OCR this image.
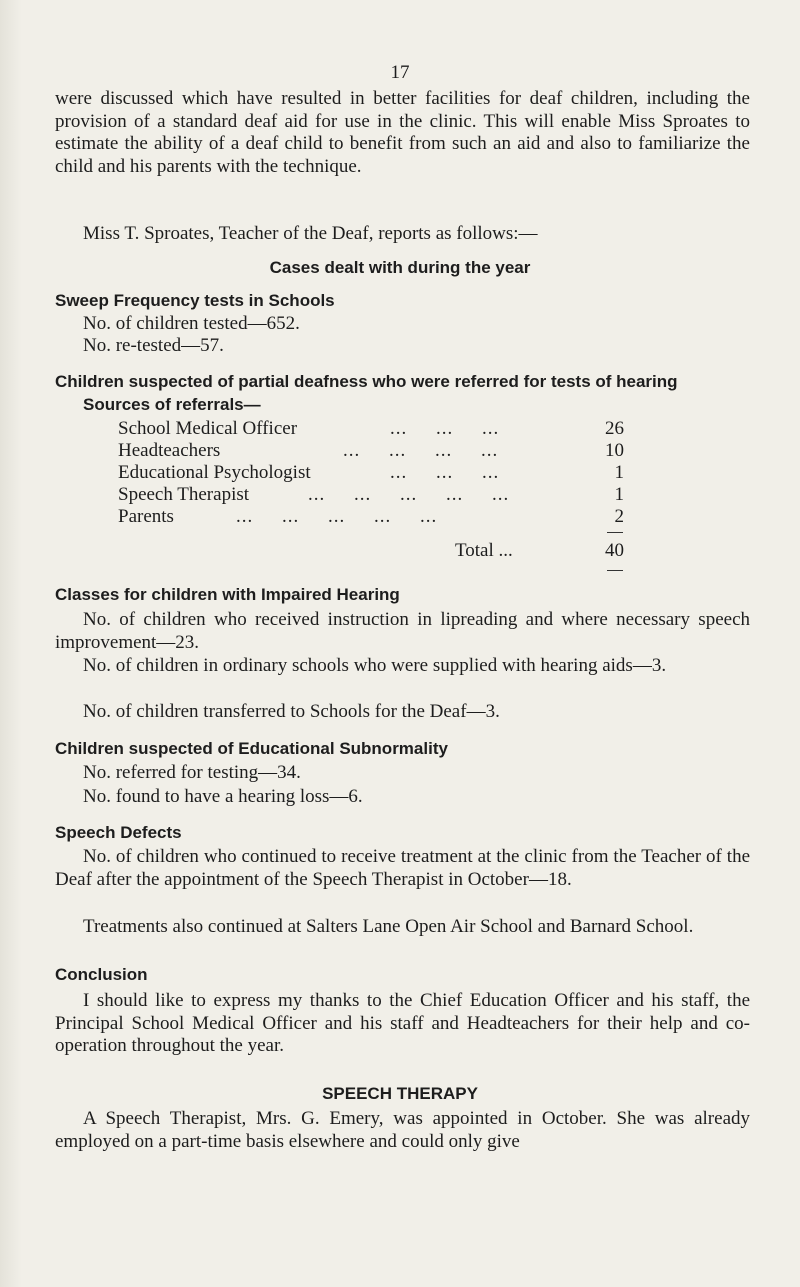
17

were discussed which have resulted in better facilities for deaf children, including the provision of a standard deaf aid for use in the clinic. This will enable Miss Sproates to estimate the ability of a deaf child to benefit from such an aid and also to familiarize the child and his parents with the technique.

Miss T. Sproates, Teacher of the Deaf, reports as follows:—

Cases dealt with during the year

Sweep Frequency tests in Schools

No. of children tested—652.

No. re-tested—57.

Children suspected of partial deafness who were referred for tests of hearing

Sources of referrals—

School Medical Officer	...     ...     ...	26
Headteachers	...     ...     ...     ...	10
Educational Psychologist	...     ...     ...	1
Speech Therapist	...     ...     ...     ...     ...	1
Parents	...     ...     ...     ...     ...	2
Total ...	40

Classes for children with Impaired Hearing

No. of children who received instruction in lipreading and where necessary speech improvement—23.

No. of children in ordinary schools who were supplied with hearing aids—3.

No. of children transferred to Schools for the Deaf—3.

Children suspected of Educational Subnormality

No. referred for testing—34.

No. found to have a hearing loss—6.

Speech Defects

No. of children who continued to receive treatment at the clinic from the Teacher of the Deaf after the appointment of the Speech Therapist in October—18.

Treatments also continued at Salters Lane Open Air School and Barnard School.

Conclusion

I should like to express my thanks to the Chief Education Officer and his staff, the Principal School Medical Officer and his staff and Headteachers for their help and co-operation throughout the year.

SPEECH THERAPY

A Speech Therapist, Mrs. G. Emery, was appointed in October. She was already employed on a part-time basis elsewhere and could only give
